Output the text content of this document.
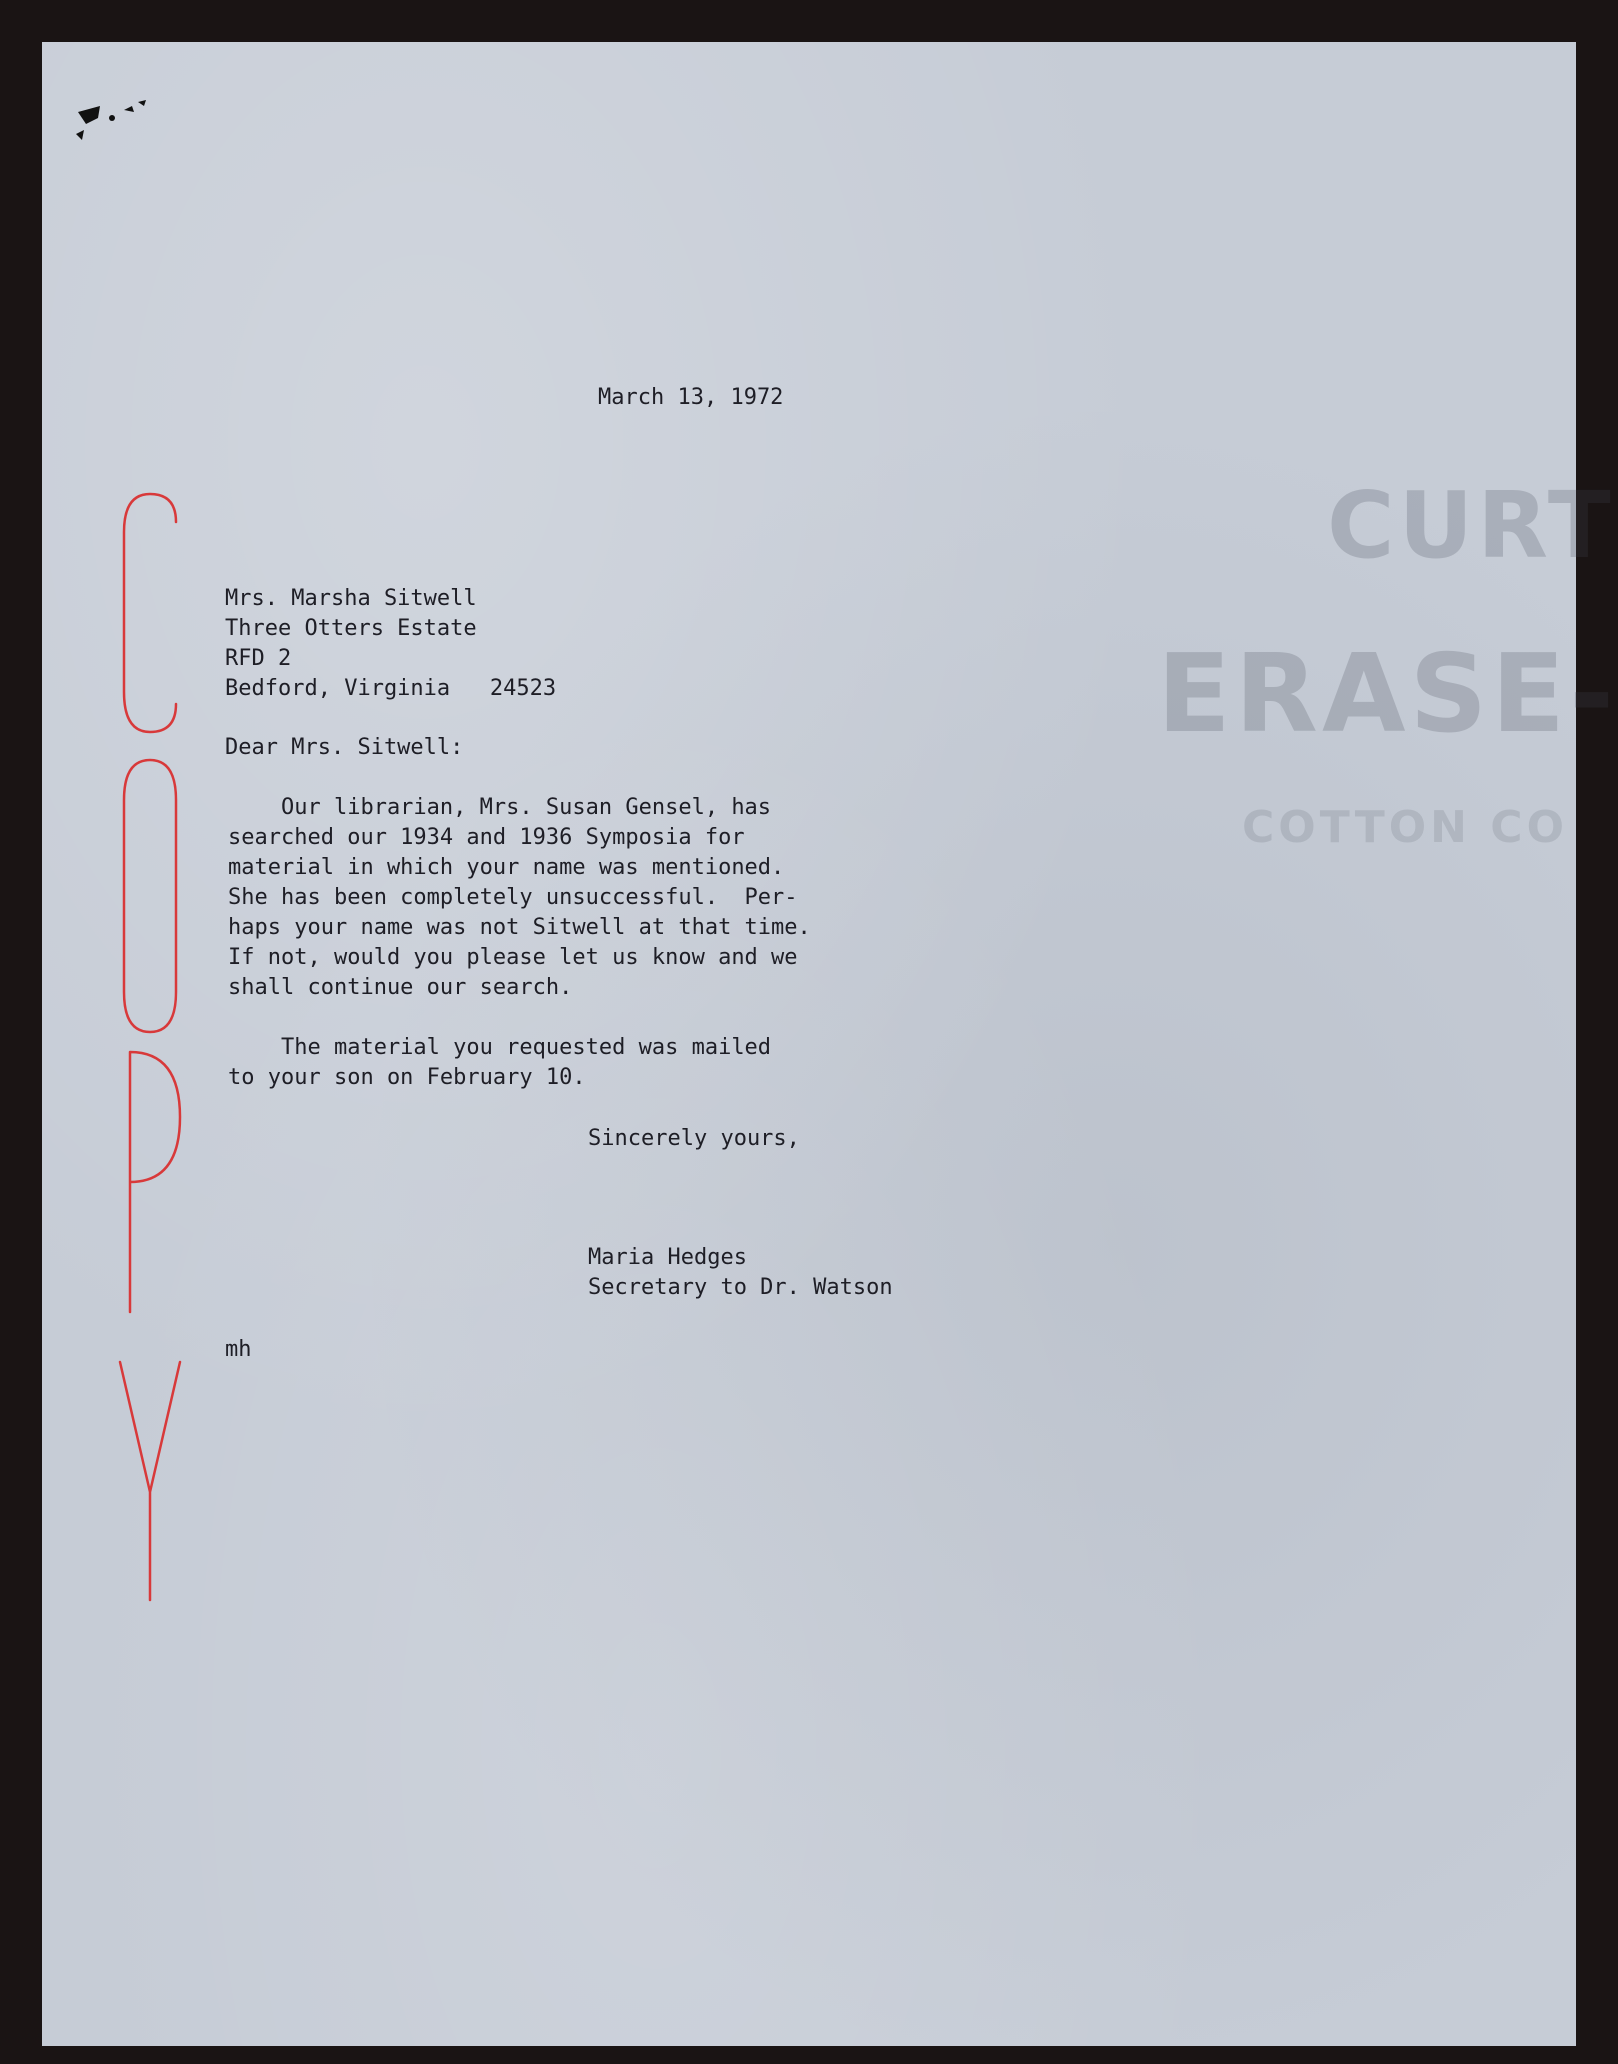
CURT
ERASE-
COTTON CO
March 13, 1972
Mrs. Marsha Sitwell
Three Otters Estate
RFD 2
Bedford, Virginia   24523
Dear Mrs. Sitwell:
Our librarian, Mrs. Susan Gensel, has
searched our 1934 and 1936 Symposia for
material in which your name was mentioned.
She has been completely unsuccessful.  Per-
haps your name was not Sitwell at that time.
If not, would you please let us know and we
shall continue our search.
The material you requested was mailed
to your son on February 10.
Sincerely yours,
Maria Hedges
Secretary to Dr. Watson
mh
